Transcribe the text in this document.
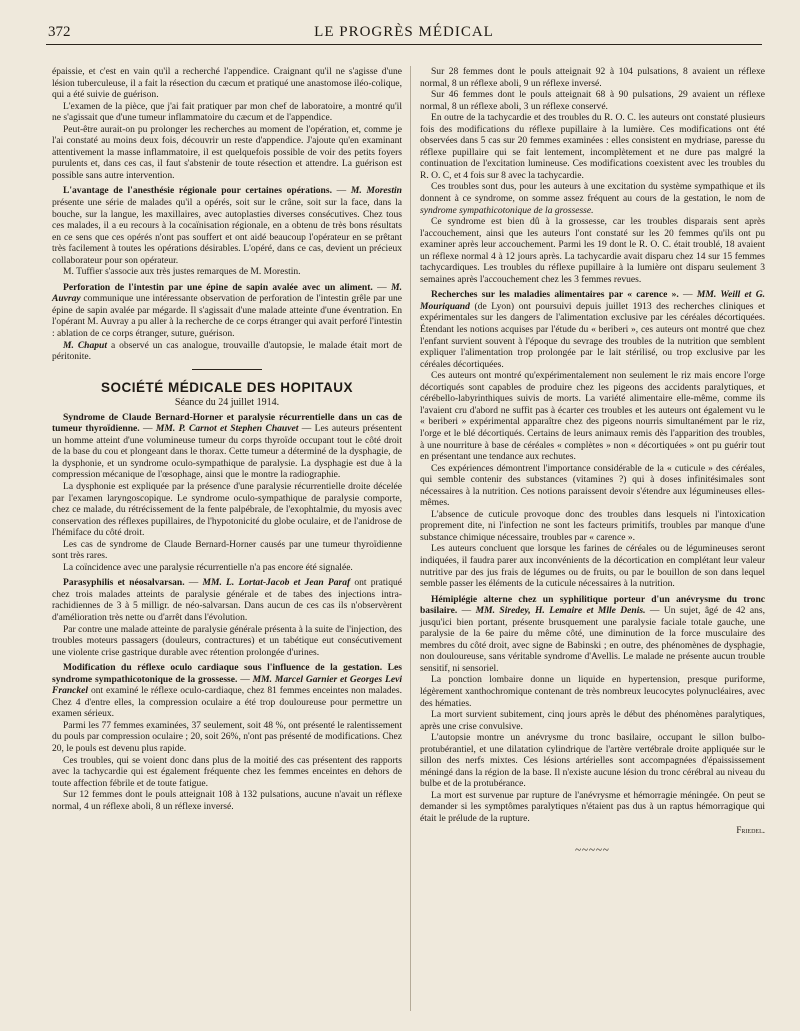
372	LE PROGRÈS MÉDICAL

épaissie, et c'est en vain qu'il a recherché l'appendice. Craignant qu'il ne s'agisse d'une lésion tuberculeuse, il a fait la résection du cæcum et pratiqué une anastomose iléo-colique, qui a été suivie de guérison.

L'examen de la pièce, que j'ai fait pratiquer par mon chef de laboratoire, a montré qu'il ne s'agissait que d'une tumeur inflammatoire du cæcum et de l'appendice.

Peut-être aurait-on pu prolonger les recherches au moment de l'opération, et, comme je l'ai constaté au moins deux fois, découvrir un reste d'appendice. J'ajoute qu'en examinant attentivement la masse inflammatoire, il est quelquefois possible de voir des petits foyers purulents et, dans ces cas, il faut s'abstenir de toute résection et attendre. La guérison est possible sans autre intervention.

L'avantage de l'anesthésie régionale pour certaines opérations. — M. Morestin présente une série de malades qu'il a opérés, soit sur le crâne, soit sur la face, dans la bouche, sur la langue, les maxillaires, avec autoplasties diverses consécutives. Chez tous ces malades, il a eu recours à la cocaïnisation régionale, en a obtenu de très bons résultats en ce sens que ces opérés n'ont pas souffert et ont aidé beaucoup l'opérateur en se prêtant très facilement à toutes les opérations désirables. L'opéré, dans ce cas, devient un précieux collaborateur pour son opérateur.

M. Tuffier s'associe aux très justes remarques de M. Morestin.

Perforation de l'intestin par une épine de sapin avalée avec un aliment. — M. Auvray communique une intéressante observation de perforation de l'intestin grêle par une épine de sapin avalée par mégarde. Il s'agissait d'une malade atteinte d'une éventration. En l'opérant M. Auvray a pu aller à la recherche de ce corps étranger qui avait perforé l'intestin : ablation de ce corps étranger, suture, guérison.

M. Chaput a observé un cas analogue, trouvaille d'autopsie, le malade était mort de péritonite.

SOCIÉTÉ MÉDICALE DES HOPITAUX
Séance du 24 juillet 1914.

Syndrome de Claude Bernard-Horner et paralysie récurrentielle dans un cas de tumeur thyroïdienne. — MM. P. Carnot et Stephen Chauvet — Les auteurs présentent un homme atteint d'une volumineuse tumeur du corps thyroïde occupant tout le côté droit de la base du cou et plongeant dans le thorax. Cette tumeur a déterminé de la dysphagie, de la dysphonie, et un syndrome oculo-sympathique de paralysie. La dysphagie est due à la compression mécanique de l'œsophage, ainsi que le montre la radiographie.

La dysphonie est expliquée par la présence d'une paralysie récurrentielle droite décelée par l'examen laryngoscopique. Le syndrome oculo-sympathique de paralysie comporte, chez ce malade, du rétrécissement de la fente palpébrale, de l'exophtalmie, du myosis avec conservation des réflexes pupillaires, de l'hypotonicité du globe oculaire, et de l'anidrose de l'hémiface du côté droit.

Les cas de syndrome de Claude Bernard-Horner causés par une tumeur thyroïdienne sont très rares.

La coïncidence avec une paralysie récurrentielle n'a pas encore été signalée.

Parasyphilis et néosalvarsan. — MM. L. Lortat-Jacob et Jean Paraf ont pratiqué chez trois malades atteints de paralysie générale et de tabes des injections intra-rachidiennes de 3 à 5 milligr. de néo-salvarsan. Dans aucun de ces cas ils n'observèrent d'amélioration très nette ou d'arrêt dans l'évolution.

Par contre une malade atteinte de paralysie générale présenta à la suite de l'injection, des troubles moteurs passagers (douleurs, contractures) et un tabétique eut consécutivement une violente crise gastrique durable avec rétention prolongée d'urines.

Modification du réflexe oculo cardiaque sous l'influence de la gestation. Les syndrome sympathicotonique de la grossesse. — MM. Marcel Garnier et Georges Levi Franckel ont examiné le réflexe oculo-cardiaque, chez 81 femmes enceintes non malades. Chez 4 d'entre elles, la compression oculaire a été trop douloureuse pour permettre un examen sérieux.

Parmi les 77 femmes examinées, 37 seulement, soit 48 %, ont présenté le ralentissement du pouls par compression oculaire ; 20, soit 26%, n'ont pas présenté de modifications. Chez 20, le pouls est devenu plus rapide.

Ces troubles, qui se voient donc dans plus de la moitié des cas présentent des rapports avec la tachycardie qui est également fréquente chez les femmes enceintes en dehors de toute affection fébrile et de toute fatigue.

Sur 12 femmes dont le pouls atteignait 108 à 132 pulsations, aucune n'avait un réflexe normal, 4 un réflexe aboli, 8 un réflexe inversé.

Sur 28 femmes dont le pouls atteignait 92 à 104 pulsations, 8 avaient un réflexe normal, 8 un réflexe aboli, 9 un réflexe inversé.

Sur 46 femmes dont le pouls atteignait 68 à 90 pulsations, 29 avaient un réflexe normal, 8 un réflexe aboli, 3 un réflexe conservé.

En outre de la tachycardie et des troubles du R. O. C. les auteurs ont constaté plusieurs fois des modifications du réflexe pupillaire à la lumière. Ces modifications ont été observées dans 5 cas sur 20 femmes examinées : elles consistent en mydriase, paresse du réflexe pupillaire qui se fait lentement, incomplètement et ne dure pas malgré la continuation de l'excitation lumineuse. Ces modifications coexistent avec les troubles du R. O. C, et 4 fois sur 8 avec la tachycardie.

Ces troubles sont dus, pour les auteurs à une excitation du système sympathique et ils donnent à ce syndrome, on somme assez fréquent au cours de la gestation, le nom de syndrome sympathicotonique de la grossesse.

Ce syndrome est bien dû à la grossesse, car les troubles disparais sent après l'accouchement, ainsi que les auteurs l'ont constaté sur les 20 femmes qu'ils ont pu examiner après leur accouchement. Parmi les 19 dont le R. O. C. était troublé, 18 avaient un réflexe normal 4 à 12 jours après. La tachycardie avait disparu chez 14 sur 15 femmes tachycardiques. Les troubles du réflexe pupillaire à la lumière ont disparu seulement 3 semaines après l'accouchement chez les 3 femmes revues.

Recherches sur les maladies alimentaires par « carence ». — MM. Weill et G. Mouriquand (de Lyon) ont poursuivi depuis juillet 1913 des recherches cliniques et expérimentales sur les dangers de l'alimentation exclusive par les céréales décortiquées. Étendant les notions acquises par l'étude du « beriberi », ces auteurs ont montré que chez l'enfant survient souvent à l'époque du sevrage des troubles de la nutrition que semblent expliquer l'alimentation trop prolongée par le lait stérilisé, ou trop exclusive par les céréales décortiquées.

Ces auteurs ont montré qu'expérimentalement non seulement le riz mais encore l'orge décortiqués sont capables de produire chez les pigeons des accidents paralytiques, et cérébello-labyrinthiques suivis de morts. La variété alimentaire elle-même, comme ils l'avaient cru d'abord ne suffit pas à écarter ces troubles et les auteurs ont également vu le « beriberi » expérimental apparaître chez des pigeons nourris simultanément par le riz, l'orge et le blé décortiqués. Certains de leurs animaux remis dès l'apparition des troubles, à une nourriture à base de céréales « complètes » non « décortiquées » ont pu guérir tout en présentant une tendance aux rechutes.

Ces expériences démontrent l'importance considérable de la « cuticule » des céréales, qui semble contenir des substances (vitamines ?) qui à doses infinitésimales sont nécessaires à la nutrition. Ces notions paraissent devoir s'étendre aux légumineuses elles-mêmes.

L'absence de cuticule provoque donc des troubles dans lesquels ni l'intoxication proprement dite, ni l'infection ne sont les facteurs primitifs, troubles par manque d'une substance chimique nécessaire, troubles par « carence ».

Les auteurs concluent que lorsque les farines de céréales ou de légumineuses seront indiquées, il faudra parer aux inconvénients de la décortication en complétant leur valeur nutritive par des jus frais de légumes ou de fruits, ou par le bouillon de son dans lequel semble passer les éléments de la cuticule nécessaires à la nutrition.

Hémiplégie alterne chez un syphilitique porteur d'un anévrysme du tronc basilaire. — MM. Siredey, H. Lemaire et Mlle Denis. — Un sujet, âgé de 42 ans, jusqu'ici bien portant, présente brusquement une paralysie faciale totale gauche, une paralysie de la 6e paire du même côté, une diminution de la force musculaire des membres du côté droit, avec signe de Babinski ; en outre, des phénomènes de dysphagie, non douloureuse, sans véritable syndrome d'Avellis. Le malade ne présente aucun trouble sensitif, ni sensoriel.

La ponction lombaire donne un liquide en hypertension, presque puriforme, légèrement xanthochromique contenant de très nombreux leucocytes polynucléaires, avec des hématies.

La mort survient subitement, cinq jours après le début des phénomènes paralytiques, après une crise convulsive.

L'autopsie montre un anévrysme du tronc basilaire, occupant le sillon bulbo-protubérantiel, et une dilatation cylindrique de l'artère vertébrale droite appliquée sur le sillon des nerfs mixtes. Ces lésions artérielles sont accompagnées d'épaississement méningé dans la région de la base. Il n'existe aucune lésion du tronc cérébral au niveau du bulbe et de la protubérance.

La mort est survenue par rupture de l'anévrysme et hémorragie méningée. On peut se demander si les symptômes paralytiques n'étaient pas dus à un raptus hémorragique qui était le prélude de la rupture.

Friedel.
~~~~~
